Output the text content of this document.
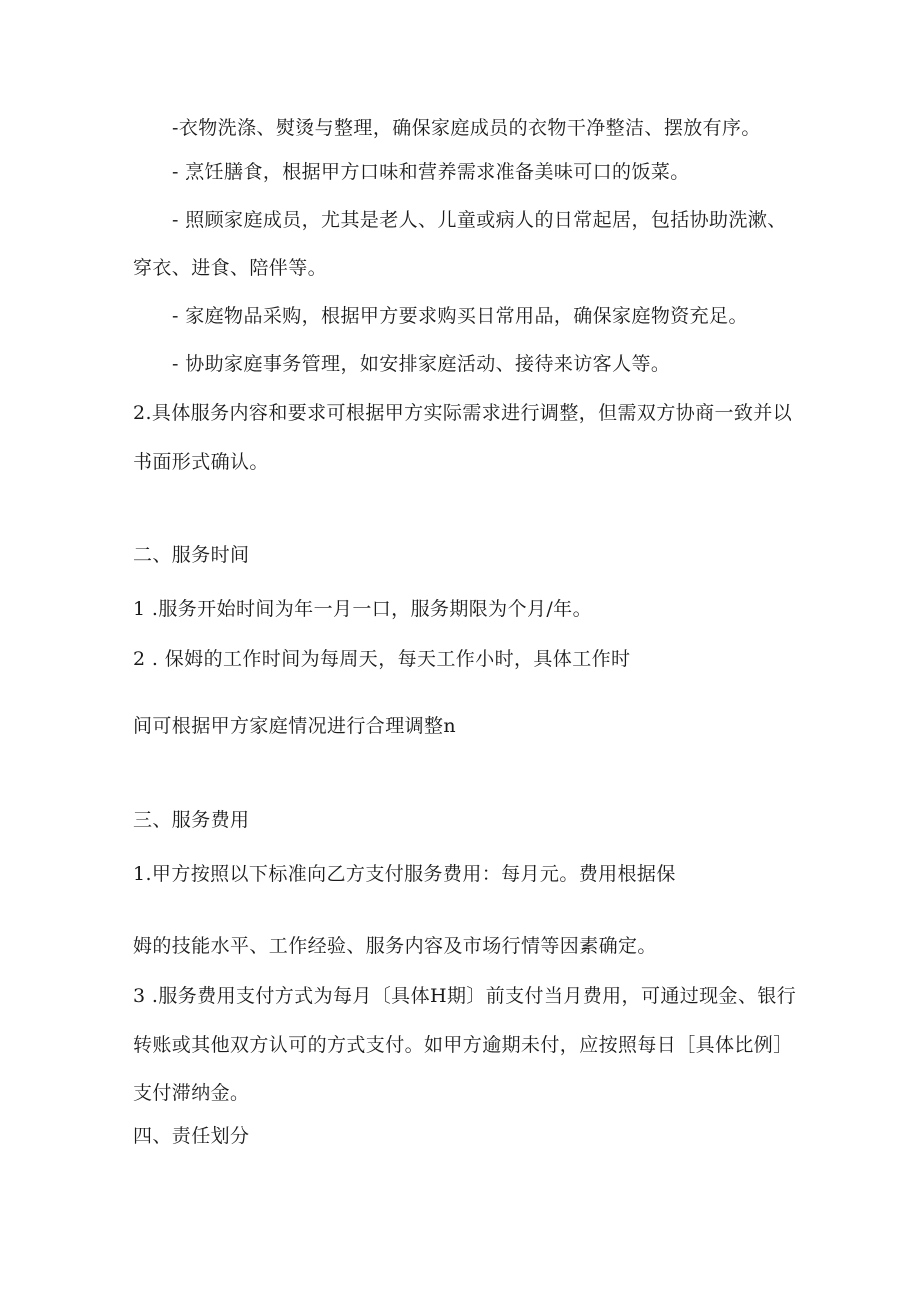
-衣物洗涤、熨烫与整理，确保家庭成员的衣物干净整洁、摆放有序。
- 烹饪膳食，根据甲方口味和营养需求准备美味可口的饭菜。
- 照顾家庭成员，尤其是老人、儿童或病人的日常起居，包括协助洗漱、
穿衣、进食、陪伴等。
- 家庭物品采购，根据甲方要求购买日常用品，确保家庭物资充足。
- 协助家庭事务管理，如安排家庭活动、接待来访客人等。
2.具体服务内容和要求可根据甲方实际需求进行调整，但需双方协商一致并以
书面形式确认。
二、服务时间
1 .服务开始时间为年一月一口，服务期限为个月/年。
2 . 保姆的工作时间为每周天，每天工作小时，具体工作时
间可根据甲方家庭情况进行合理调整n
三、服务费用
1.甲方按照以下标准向乙方支付服务费用：每月元。费用根据保
姆的技能水平、工作经验、服务内容及市场行情等因素确定。
3 .服务费用支付方式为每月〔具体H期〕前支付当月费用，可通过现金、银行
转账或其他双方认可的方式支付。如甲方逾期未付，应按照每日［具体比例］
支付滞纳金。
四、责任划分
